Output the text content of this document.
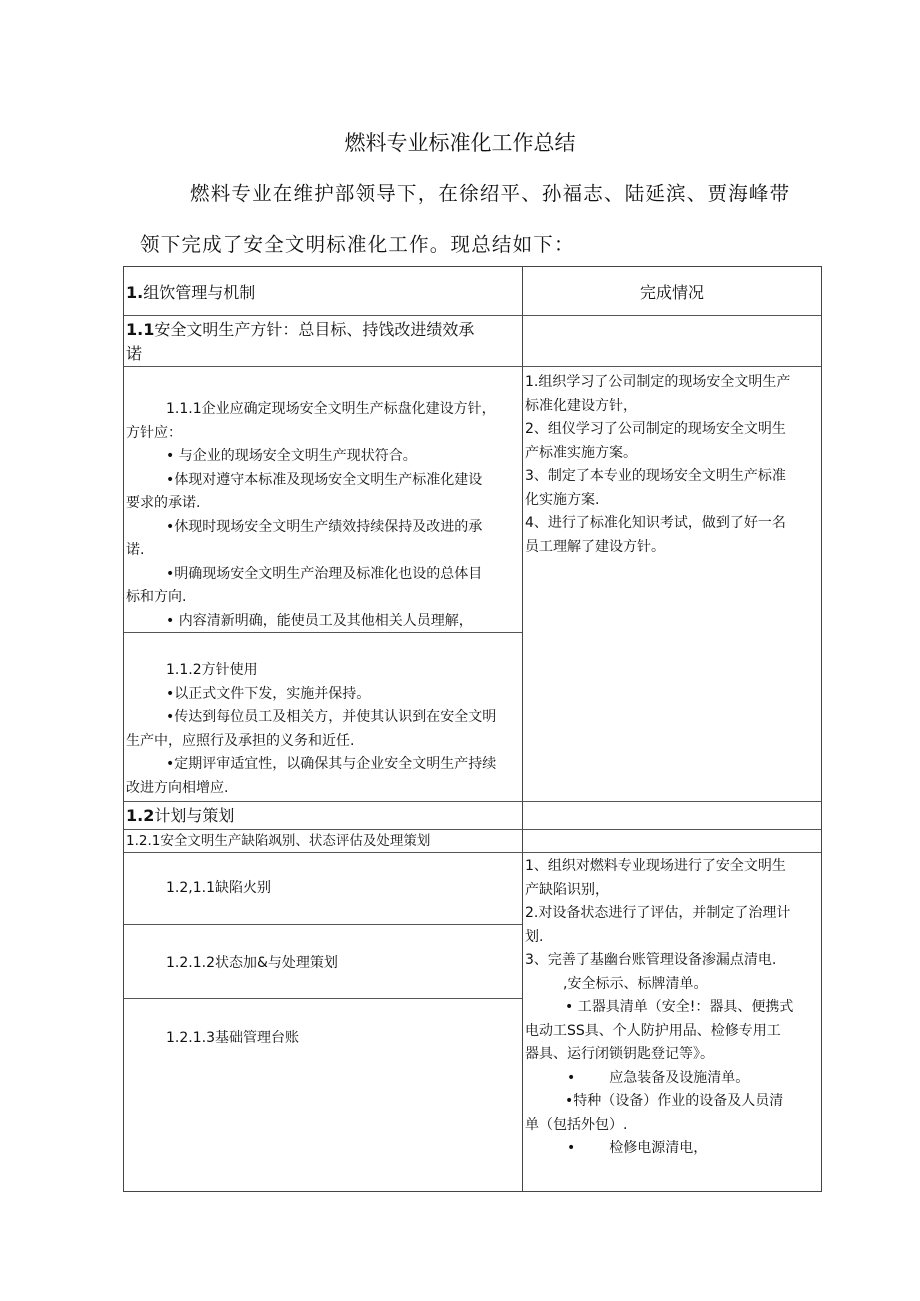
燃料专业标准化工作总结
燃料专业在维护部领导下，在徐绍平、孙福志、陆延滨、贾海峰带
领下完成了安全文明标准化工作。现总结如下：
1.组饮管理与机制	完成情况

1.1安全文明生产方针：总目标、持饯改进绩效承

诺

1.1.1企业应确定现场安全文明生产标盘化建设方针，

方针应：

• 与企业的现场安全文明生产现状符合。

•体现对遵守本标准及现场安全文明生产标准化建设

要求的承诺.

•休现时现场安全文明生产绩效持续保持及改进的承

诺.

•明确现场安全文明生产治理及标准化也设的总体目

标和方向.

• 内容清新明确，能使员工及其他相关人员理解，

1.组织学习了公司制定的现场安全文明生产

标准化建设方针，

2、组仪学习了公司制定的现场安全文明生

产标准实施方案。

3、制定了本专业的现场安全文明生产标准

化实施方案.

4、进行了标准化知识考试，做到了好一名

员工理解了建设方针。

1.1.2方针使用

•以正式文件下发，实施并保持。

•传达到每位员工及相关方，并使其认识到在安全文明

生产中，应照行及承担的义务和近任.

•定期评审适宜性，以确保其与企业安全文明生产持续

改进方向相增应.

1.2计划与策划
1.2.1安全文明生产缺陷飒别、状态评估及处理策划
1.2,1.1缺陷火别
1.2.1.2状态加&与处理策划
1.2.1.3基础管理台账

1、组织对燃料专业现场进行了安全文明生

产缺陷识别，

2.对设备状态进行了评估，并制定了治理计

划.

3、完善了基幽台账管理设备渗漏点清电.

,安全标示、标牌清单。

• 工器具清单（安全!：器具、便携式

电动工SS具、个人防护用品、检修专用工

器具、运行闭锁钥匙登记等》。

• 应急装备及设施清单。

•特种（设备）作业的设备及人员清

单（包括外包）.

• 检修电源清电，
